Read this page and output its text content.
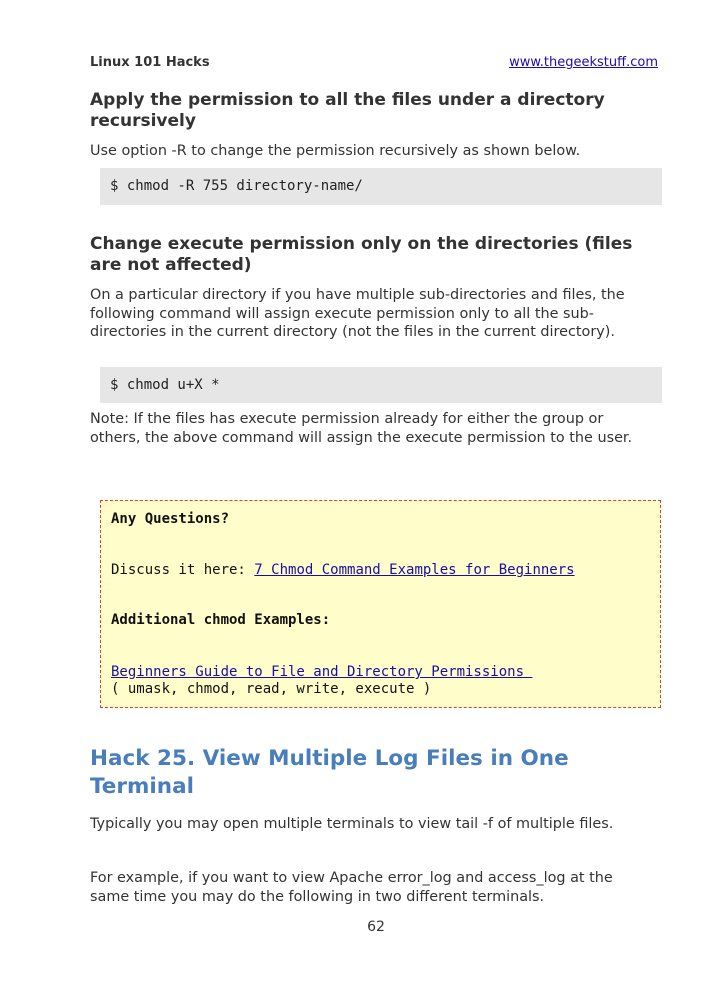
Linux 101 Hacks	www.thegeekstuff.com
Apply the permission to all the files under a directory recursively
Use option -R to change the permission recursively as shown below.
$ chmod -R 755 directory-name/
Change execute permission only on the directories (files are not affected)
On a particular directory if you have multiple sub-directories and files, the following command will assign execute permission only to all the sub-directories in the current directory (not the files in the current directory).
$ chmod u+X *
Note: If the files has execute permission already for either the group or others, the above command will assign the execute permission to the user.
Any Questions?
Discuss it here: 7 Chmod Command Examples for Beginners
Additional chmod Examples:
Beginners Guide to File and Directory Permissions
( umask, chmod, read, write, execute )
Hack 25. View Multiple Log Files in One Terminal
Typically you may open multiple terminals to view tail -f of multiple files.
For example, if you want to view Apache error_log and access_log at the same time you may do the following in two different terminals.
62
